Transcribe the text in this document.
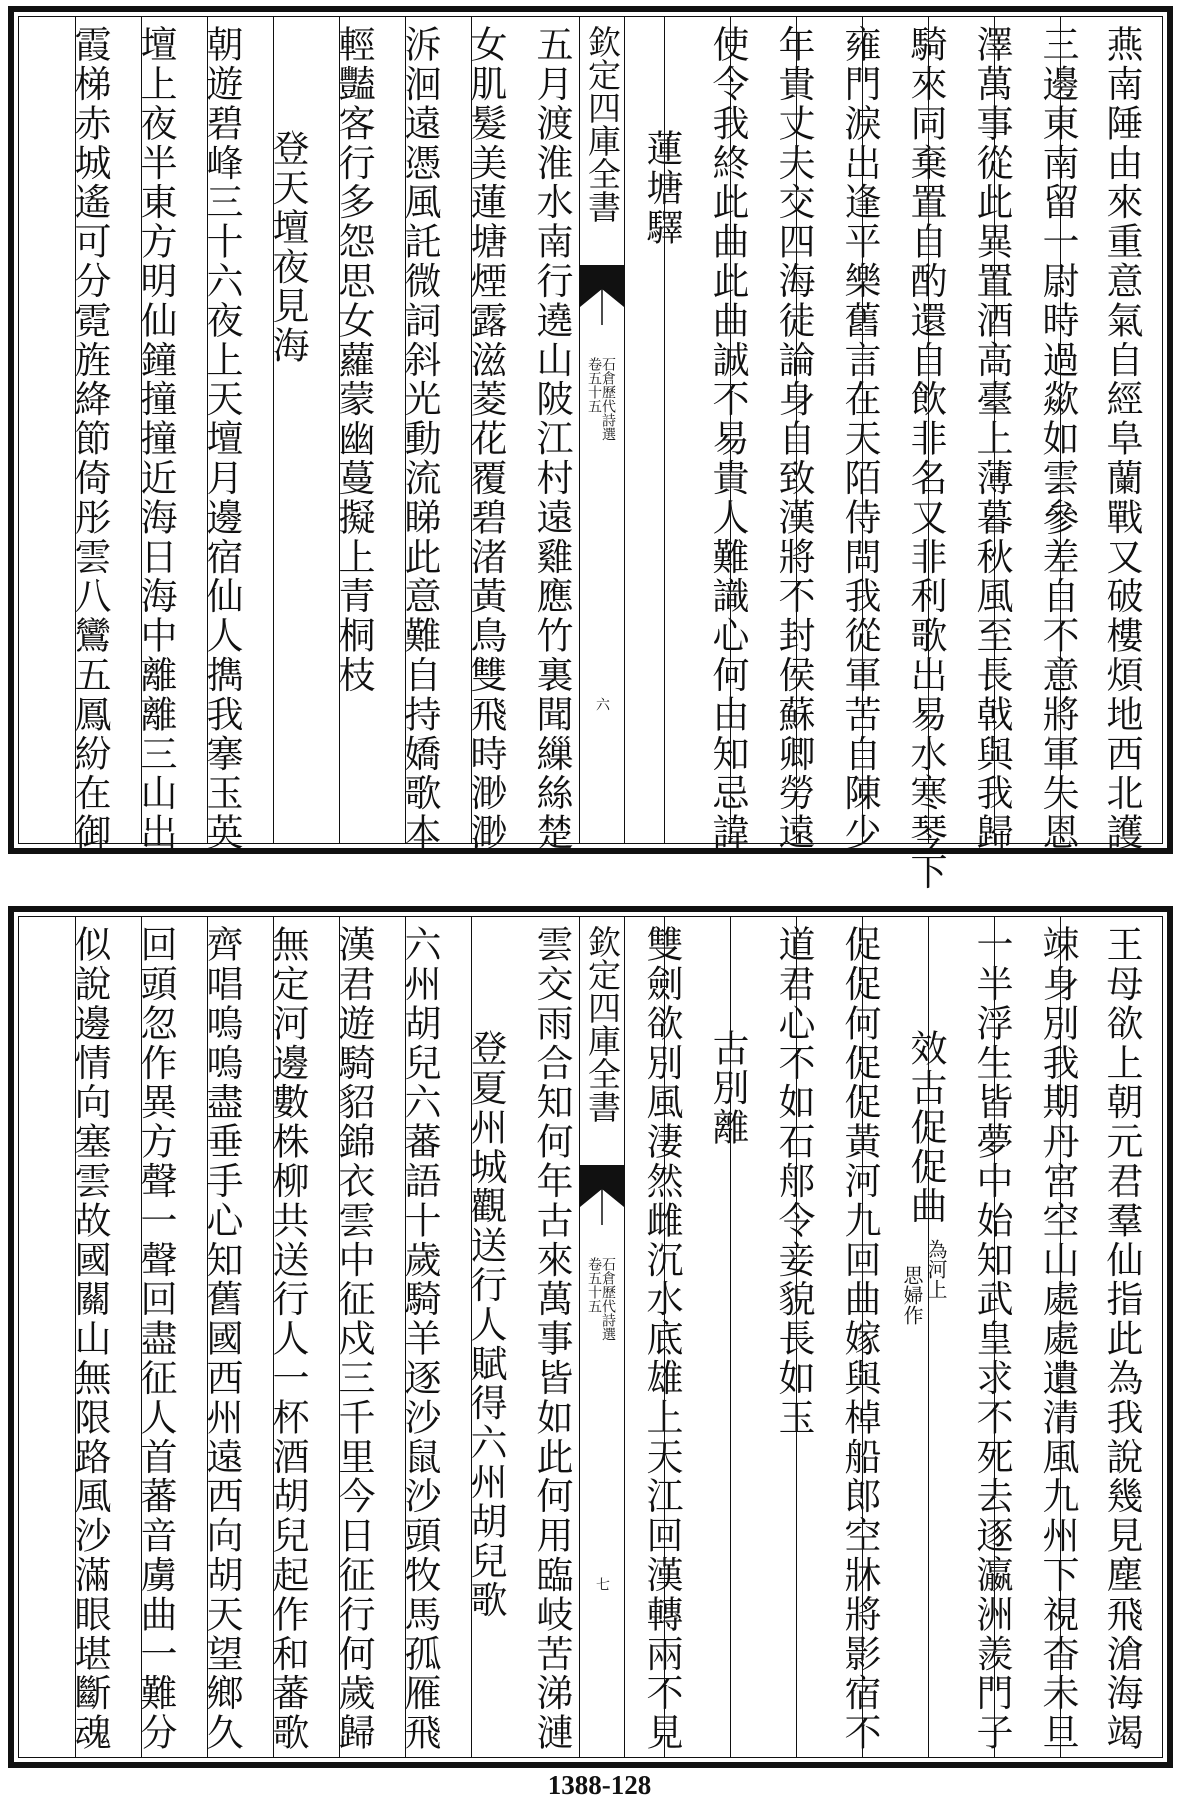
燕南陲由來重意氣自經阜蘭戰又破樓煩地西北護
三邊東南留一尉時過歘如雲參差自不意將軍失恩
澤萬事從此異置酒高臺上薄暮秋風至長戟與我歸
騎來同棄置自酌還自飲非名又非利歌出易水寒琴下
雍門淚出逢平樂舊言在天陌侍問我從軍苦自陳少
年貴丈夫交四海徒論身自致漢將不封侯蘇卿勞遠
使令我終此曲此曲誠不易貴人難識心何由知忌諱
蓮塘驛
欽定四庫全書
石倉歷代詩選
卷五十五
六
五月渡淮水南行遶山陂江村遠雞應竹裏聞繅絲楚
女肌髮美蓮塘煙露滋菱花覆碧渚黃鳥雙飛時渺渺
泝洄遠憑風託微詞斜光動流睇此意難自持嬌歌本
輕豔客行多怨思女蘿蒙幽蔓擬上青桐枝
登天壇夜見海
朝遊碧峰三十六夜上天壇月邊宿仙人擕我搴玉英
壇上夜半東方明仙鐘撞撞近海日海中離離三山出
霞梯赤城遙可分霓旌絳節倚彤雲八鸞五鳳紛在御
王母欲上朝元君羣仙指此為我說幾見塵飛滄海竭
竦身別我期丹宮空山處處遺清風九州下視杳未旦
一半浮生皆夢中始知武皇求不死去逐瀛洲羨門子
效古促促曲
為河上
思婦作
促促何促促黃河九回曲嫁與棹船郎空牀將影宿不
道君心不如石郍令妾貌長如玉
古別離
雙劍欲別風淒然雌沉水底雄上天江回漢轉兩不見
欽定四庫全書
石倉歷代詩選
卷五十五
七
雲交雨合知何年古來萬事皆如此何用臨岐苦涕漣
登夏州城觀送行人賦得六州胡兒歌
六州胡兒六蕃語十歲騎羊逐沙鼠沙頭牧馬孤雁飛
漢君遊騎貂錦衣雲中征戍三千里今日征行何歲歸
無定河邊數株柳共送行人一杯酒胡兒起作和蕃歌
齊唱嗚嗚盡垂手心知舊國西州遠西向胡天望鄉久
回頭忽作異方聲一聲回盡征人首蕃音虜曲一難分
似說邊情向塞雲故國關山無限路風沙滿眼堪斷魂
1388-128
